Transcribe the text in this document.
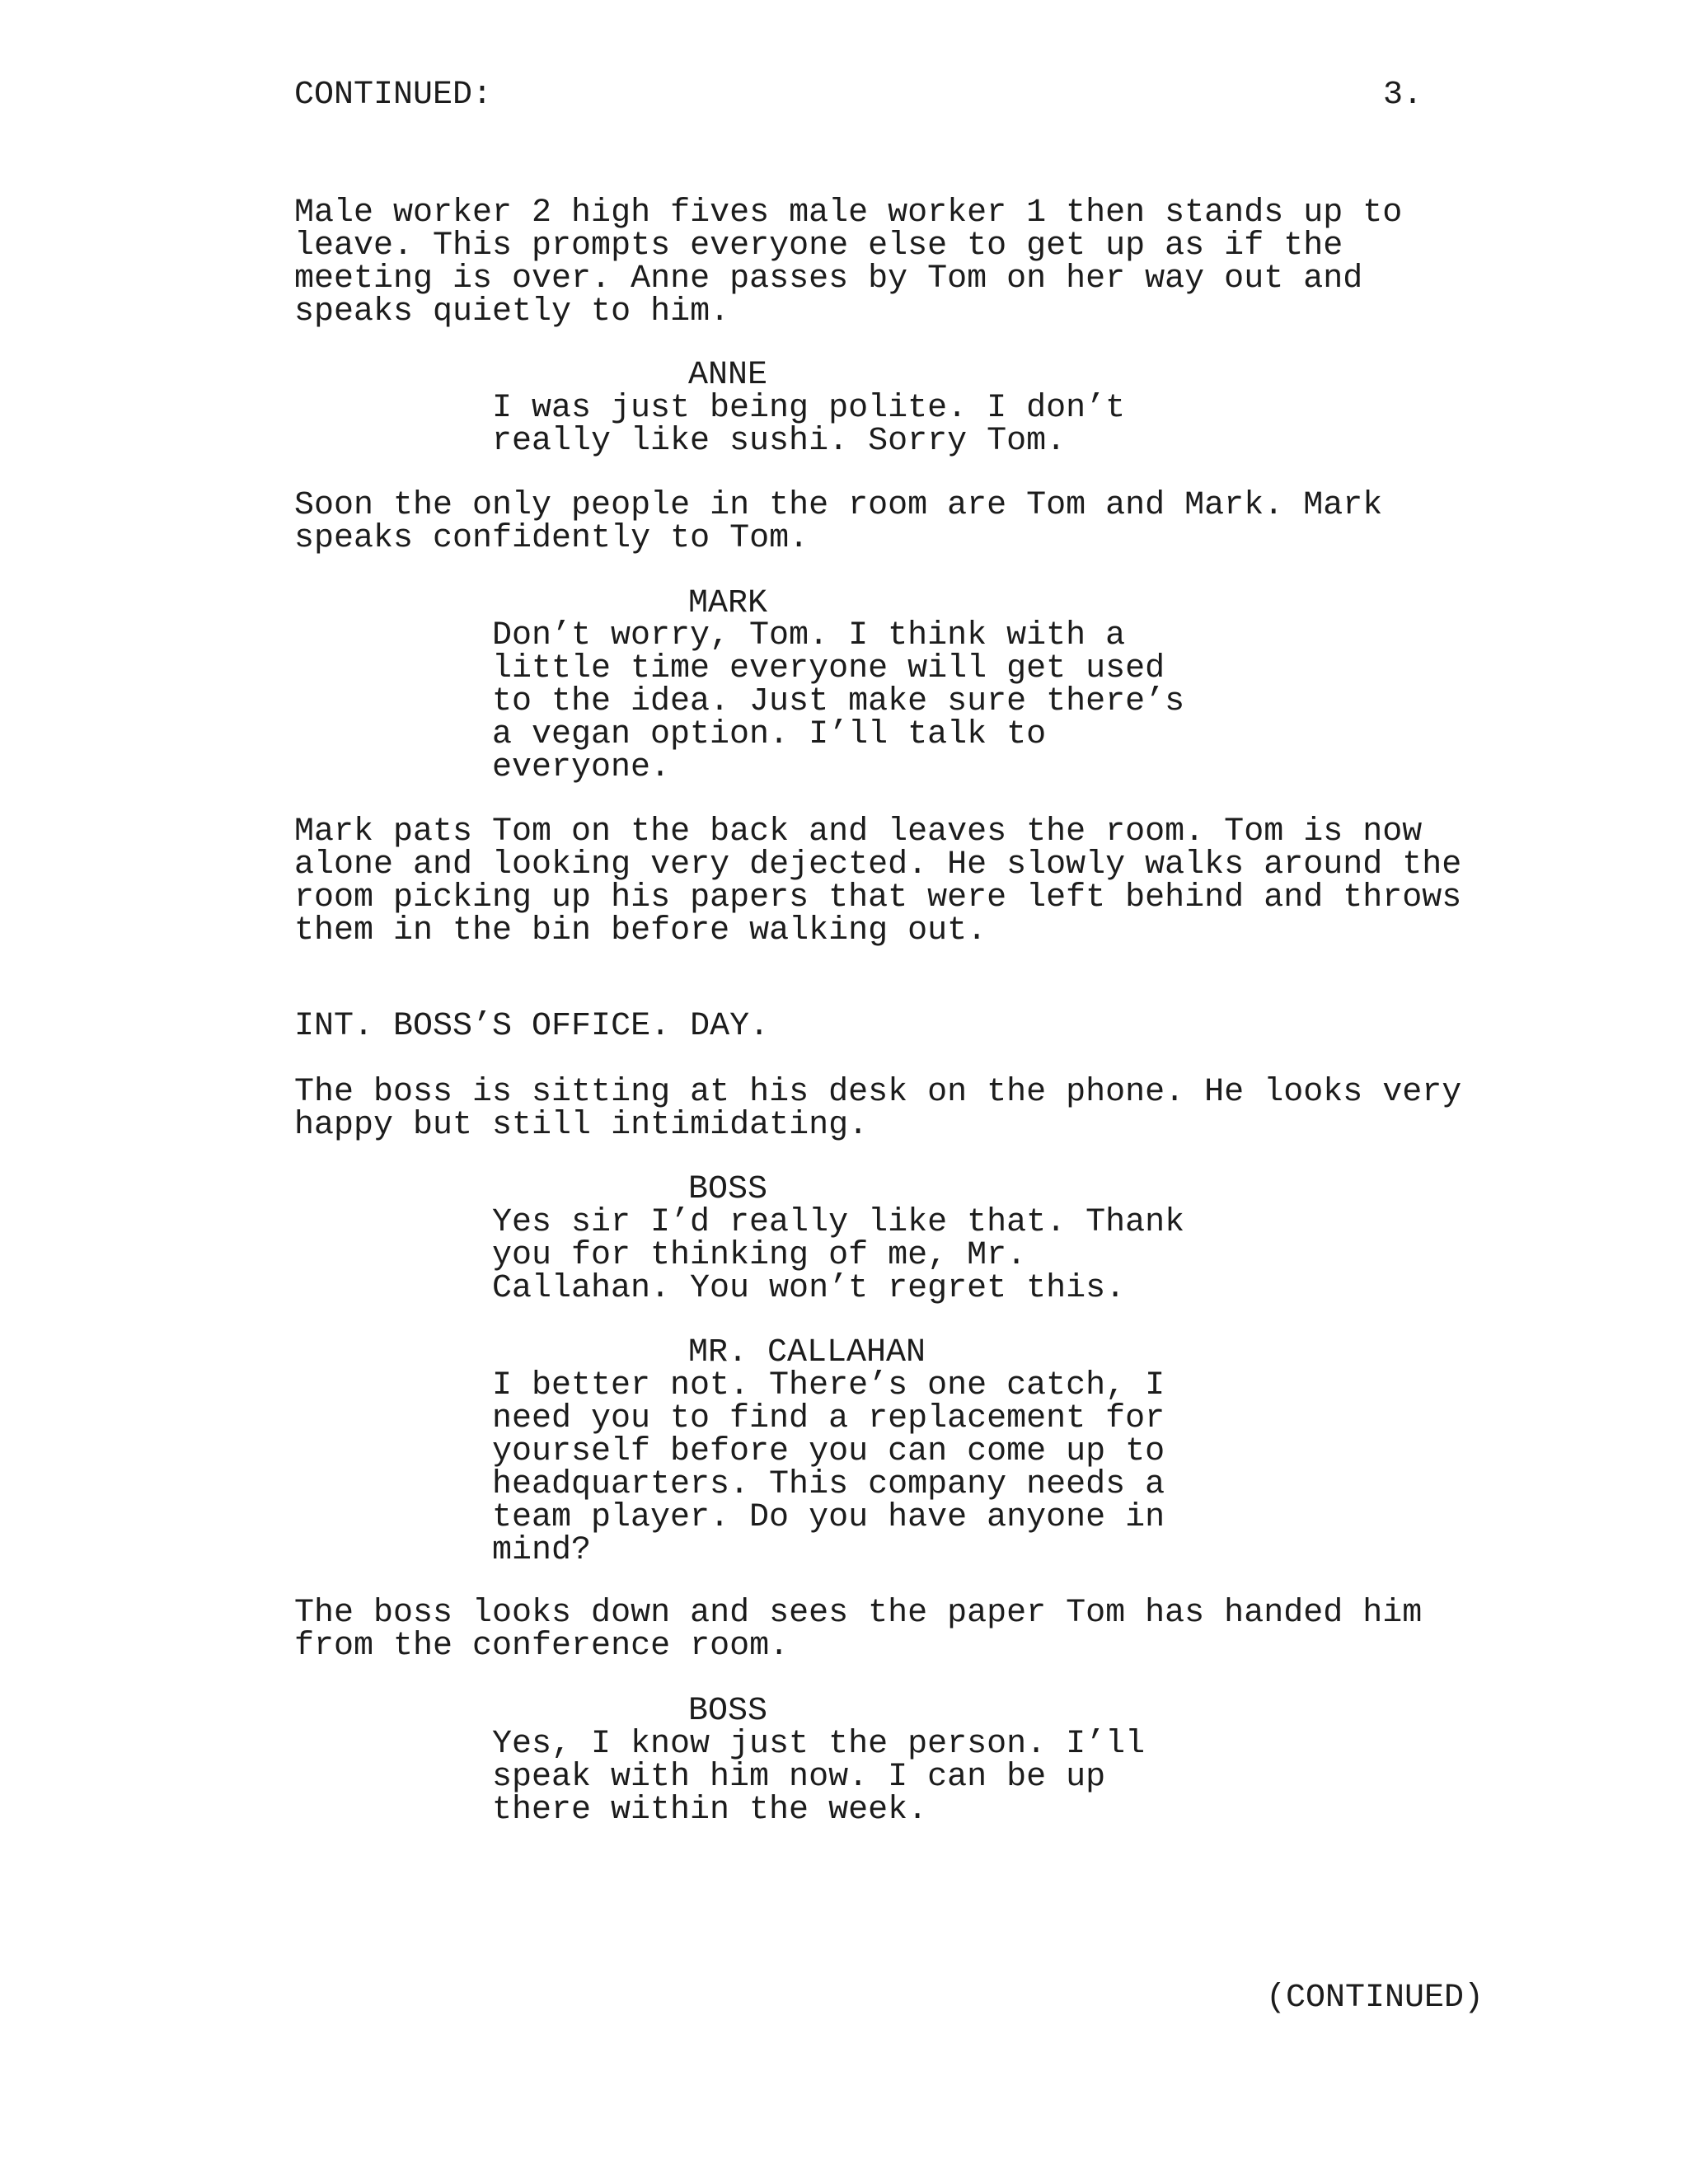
CONTINUED:	3.
Male worker 2 high fives male worker 1 then stands up to
leave. This prompts everyone else to get up as if the
meeting is over. Anne passes by Tom on her way out and
speaks quietly to him.
ANNE
I was just being polite. I don’t
really like sushi. Sorry Tom.
Soon the only people in the room are Tom and Mark. Mark
speaks confidently to Tom.
MARK
Don’t worry, Tom. I think with a
little time everyone will get used
to the idea. Just make sure there’s
a vegan option. I’ll talk to
everyone.
Mark pats Tom on the back and leaves the room. Tom is now
alone and looking very dejected. He slowly walks around the
room picking up his papers that were left behind and throws
them in the bin before walking out.
INT. BOSS’S OFFICE. DAY.
The boss is sitting at his desk on the phone. He looks very
happy but still intimidating.
BOSS
Yes sir I’d really like that. Thank
you for thinking of me, Mr.
Callahan. You won’t regret this.
MR. CALLAHAN
I better not. There’s one catch, I
need you to find a replacement for
yourself before you can come up to
headquarters. This company needs a
team player. Do you have anyone in
mind?
The boss looks down and sees the paper Tom has handed him
from the conference room.
BOSS
Yes, I know just the person. I’ll
speak with him now. I can be up
there within the week.
(CONTINUED)
